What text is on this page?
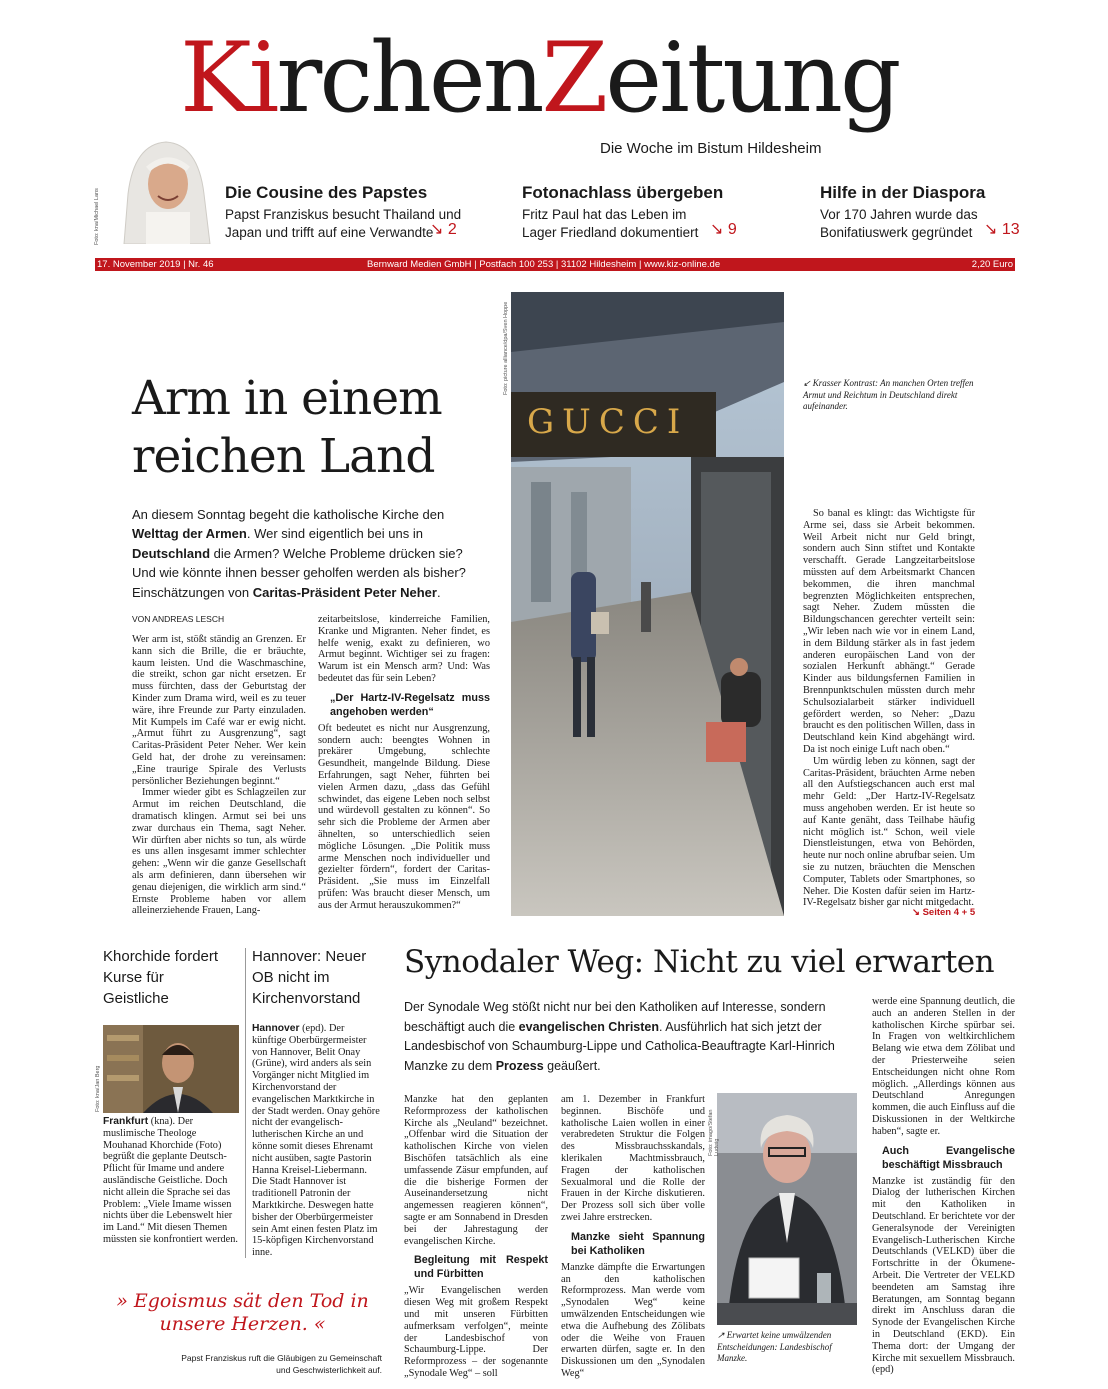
KirchenZeitung
Die Woche im Bistum Hildesheim
Foto: kna/Michael Lans	Die Cousine des Papstes
Papst Franziskus besucht Thailand und
Japan und trifft auf eine Verwandte
↘ 2
Fotonachlass übergeben
Fritz Paul hat das Leben im
Lager Friedland dokumentiert ↘ 9
Hilfe in der Diaspora
Vor 170 Jahren wurde das
Bonifatiuswerk gegründet ↘ 13
17. November 2019 | Nr. 46	Bernward Medien GmbH | Postfach 100 253 | 31102 Hildesheim | www.kiz-online.de	2,20 Euro
Arm in einem
reichen Land
An diesem Sonntag begeht die katholische Kirche den Welttag der Armen. Wer sind eigentlich bei uns in Deutschland die Armen? Welche Probleme drücken sie? Und wie könnte ihnen besser geholfen werden als bisher? Einschätzungen von Caritas-Präsident Peter Neher.
VON ANDREAS LESCH

Wer arm ist, stößt ständig an Grenzen. Er kann sich die Brille, die er bräuchte, kaum leisten. Und die Waschmaschine, die streikt, schon gar nicht ersetzen. Er muss fürchten, dass der Geburtstag der Kinder zum Drama wird, weil es zu teuer wäre, ihre Freunde zur Party einzuladen. Mit Kumpels im Café war er ewig nicht. „Armut führt zu Ausgrenzung“, sagt Caritas-Präsident Peter Neher. Wer kein Geld hat, der drohe zu vereinsamen: „Eine traurige Spirale des Verlusts persönlicher Beziehungen beginnt.“

Immer wieder gibt es Schlagzeilen zur Armut im reichen Deutschland, die dramatisch klingen. Armut sei bei uns zwar durchaus ein Thema, sagt Neher. Wir dürften aber nichts so tun, als würde es uns allen insgesamt immer schlechter gehen: „Wenn wir die ganze Gesellschaft als arm definieren, dann übersehen wir genau diejenigen, die wirklich arm sind.“ Ernste Probleme haben vor allem alleinerziehende Frauen, Lang-

zeitarbeitslose, kinderreiche Familien, Kranke und Migranten. Neher findet, es helfe wenig, exakt zu definieren, wo Armut beginnt. Wichtiger sei zu fragen: Warum ist ein Mensch arm? Und: Was bedeutet das für sein Leben?

„Der Hartz-IV-Regelsatz muss angehoben werden“

Oft bedeutet es nicht nur Ausgrenzung, sondern auch: beengtes Wohnen in prekärer Umgebung, schlechte Gesundheit, mangelnde Bildung. Diese Erfahrungen, sagt Neher, führten bei vielen Armen dazu, „dass das Gefühl schwindet, das eigene Leben noch selbst und würdevoll gestalten zu können“. So sehr sich die Probleme der Armen aber ähnelten, so unterschiedlich seien mögliche Lösungen. „Die Politik muss arme Menschen noch individueller und gezielter fördern“, fordert der Caritas-Präsident. „Sie muss im Einzelfall prüfen: Was braucht dieser Mensch, um aus der Armut herauszukommen?“

GUCCI
Foto: picture alliance/dpa/Sven Hoppe	↙ Krasser Kontrast: An manchen Orten treffen Armut und Reichtum in Deutschland direkt aufeinander.

So banal es klingt: das Wichtigste für Arme sei, dass sie Arbeit bekommen. Weil Arbeit nicht nur Geld bringt, sondern auch Sinn stiftet und Kontakte verschafft. Gerade Langzeitarbeitslose müssten auf dem Arbeitsmarkt Chancen bekommen, die ihren manchmal begrenzten Möglichkeiten entsprechen, sagt Neher. Zudem müssten die Bildungschancen gerechter verteilt sein: „Wir leben nach wie vor in einem Land, in dem Bildung stärker als in fast jedem anderen europäischen Land von der sozialen Herkunft abhängt.“ Gerade Kinder aus bildungsfernen Familien in Brennpunktschulen müssten durch mehr Schulsozialarbeit stärker individuell gefördert werden, so Neher: „Dazu braucht es den politischen Willen, dass in Deutschland kein Kind abgehängt wird. Da ist noch einige Luft nach oben.“

Um würdig leben zu können, sagt der Caritas-Präsident, bräuchten Arme neben all den Aufstiegschancen auch erst mal mehr Geld: „Der Hartz-IV-Regelsatz muss angehoben werden. Er ist heute so auf Kante genäht, dass Teilhabe häufig nicht möglich ist.“ Schon, weil viele Dienstleistungen, etwa von Behörden, heute nur noch online abrufbar seien. Um sie zu nutzen, bräuchten die Menschen Computer, Tablets oder Smartphones, so Neher. Die Kosten dafür seien im Hartz-IV-Regelsatz bisher gar nicht mitgedacht.

↘ Seiten 4 + 5
Khorchide fordert
Kurse für
Geistliche
Foto: kna/Jan Berg
Frankfurt (kna). Der muslimische Theologe Mouhanad Khorchide (Foto) begrüßt die geplante Deutsch-Pflicht für Imame und andere ausländische Geistliche. Doch nicht allein die Sprache sei das Problem: „Viele Imame wissen nichts über die Lebenswelt hier im Land.“ Mit diesen Themen müssten sie konfrontiert werden.
Hannover: Neuer
OB nicht im
Kirchenvorstand
Hannover (epd). Der künftige Oberbürgermeister von Hannover, Belit Onay (Grüne), wird anders als sein Vorgänger nicht Mitglied im Kirchenvorstand der evangelischen Marktkirche in der Stadt werden. Onay gehöre nicht der evangelisch-lutherischen Kirche an und könne somit dieses Ehrenamt nicht ausüben, sagte Pastorin Hanna Kreisel-Liebermann. Die Stadt Hannover ist traditionell Patronin der Marktkirche. Deswegen hatte bisher der Oberbürgermeister sein Amt einen festen Platz im 15-köpfigen Kirchenvorstand inne.
» Egoismus sät den Tod in
unsere Herzen. «
Papst Franziskus ruft die Gläubigen zu Gemeinschaft
und Geschwisterlichkeit auf.
Synodaler Weg: Nicht zu viel erwarten
Der Synodale Weg stößt nicht nur bei den Katholiken auf Interesse, sondern beschäftigt auch die evangelischen Christen. Ausführlich hat sich jetzt der Landesbischof von Schaumburg-Lippe und Catholica-Beauftragte Karl-Hinrich Manzke zu dem Prozess geäußert.

Manzke hat den geplanten Reformprozess der katholischen Kirche als „Neuland“ bezeichnet. „Offenbar wird die Situation der katholischen Kirche von vielen Bischöfen tatsächlich als eine umfassende Zäsur empfunden, auf die die bisherige Formen der Auseinandersetzung nicht angemessen reagieren können“, sagte er am Sonnabend in Dresden bei der Jahrestagung der evangelischen Kirche.

Begleitung mit Respekt und Fürbitten

„Wir Evangelischen werden diesen Weg mit großem Respekt und mit unseren Fürbitten aufmerksam verfolgen“, meinte der Landesbischof von Schaumburg-Lippe. Der Reformprozess – der sogenannte „Synodale Weg“ – soll

am 1. Dezember in Frankfurt beginnen. Bischöfe und katholische Laien wollen in einer verabredeten Struktur die Folgen des Missbrauchsskandals, klerikalen Machtmissbrauch, Fragen der katholischen Sexualmoral und die Rolle der Frauen in der Kirche diskutieren. Der Prozess soll sich über volle zwei Jahre erstrecken.

Manzke sieht Spannung bei Katholiken

Manzke dämpfte die Erwartungen an den katholischen Reformprozess. Man werde vom „Synodalen Weg“ keine umwälzenden Entscheidungen wie etwa die Aufhebung des Zölibats oder die Weihe von Frauen erwarten dürfen, sagte er. In den Diskussionen um den „Synodalen Weg“

Foto: imago/Stefan Ludwig
↗ Erwartet keine umwälzenden Entscheidungen: Landesbischof Manzke.

werde eine Spannung deutlich, die auch an anderen Stellen in der katholischen Kirche spürbar sei. In Fragen von weltkirchlichem Belang wie etwa dem Zölibat und der Priesterweihe seien Entscheidungen nicht ohne Rom möglich. „Allerdings können aus Deutschland Anregungen kommen, die auch Einfluss auf die Diskussionen in der Weltkirche haben“, sagte er.

Auch Evangelische beschäftigt Missbrauch

Manzke ist zuständig für den Dialog der lutherischen Kirchen mit den Katholiken in Deutschland. Er berichtete vor der Generalsynode der Vereinigten Evangelisch-Lutherischen Kirche Deutschlands (VELKD) über die Fortschritte in der Ökumene-Arbeit. Die Vertreter der VELKD beendeten am Samstag ihre Beratungen, am Sonntag begann direkt im Anschluss daran die Synode der Evangelischen Kirche in Deutschland (EKD). Ein Thema dort: der Umgang der Kirche mit sexuellem Missbrauch. (epd)
